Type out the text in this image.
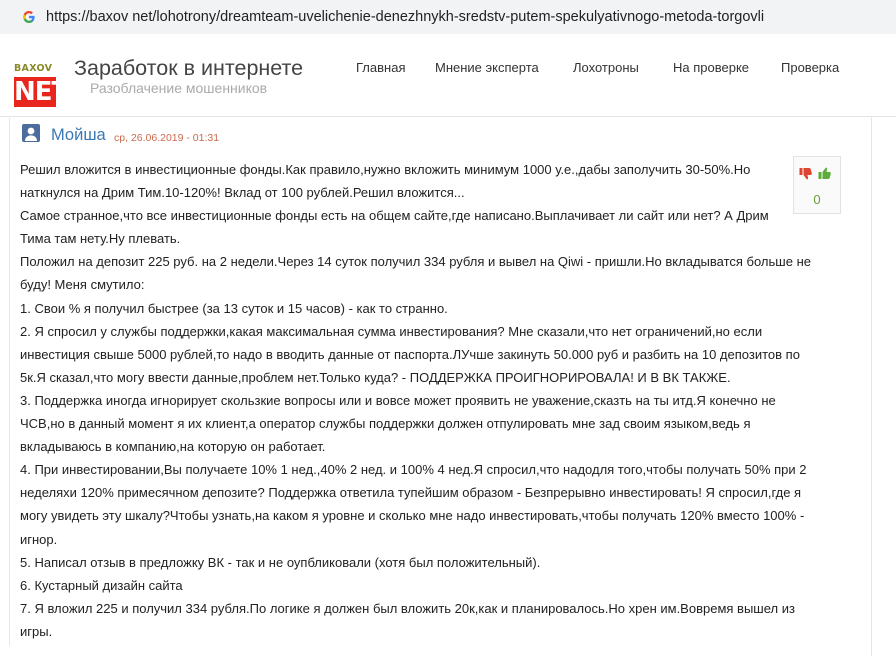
https://baxov net/lohotrony/dreamteam-uvelichenie-denezhnykh-sredstv-putem-spekulyativnogo-metoda-torgovli
BAXOV
NET
Заработок в интернете
Разоблачение мошенников
Главная Мнение эксперта	Лохотроны	На проверке Проверка
Мойша ср, 26.06.2019 - 01:31
0
Решил вложится в инвестиционные фонды.Как правило,нужно вкложить минимум 1000 у.е.,дабы заполучить 30-50%.Но
наткнулся на Дрим Тим.10-120%! Вклад от 100 рублей.Решил вложится...
Самое странное,что все инвестиционные фонды есть на общем сайте,где написано.Выплачивает ли сайт или нет? А Дрим
Тима там нету.Ну плевать.
Положил на депозит 225 руб. на 2 недели.Через 14 суток получил 334 рубля и вывел на Qiwi - пришли.Но вкладыватся больше не
буду! Меня смутило:
1. Свои % я получил быстрее (за 13 суток и 15 часов) - как то странно.
2. Я спросил у службы поддержки,какая максимальная сумма инвестирования? Мне сказали,что нет ограничений,но если
инвестиция свыше 5000 рублей,то надо в вводить данные от паспорта.ЛУчше закинуть 50.000 руб и разбить на 10 депозитов по
5к.Я сказал,что могу ввести данные,проблем нет.Только куда? - ПОДДЕРЖКА ПРОИГНОРИРОВАЛА! И В ВК ТАКЖЕ.
3. Поддержка иногда игнорирует скользкие вопросы или и вовсе может проявить не уважение,сказть на ты итд.Я конечно не
ЧСВ,но в данный момент я их клиент,а оператор службы поддержки должен отпулировать мне зад своим языком,ведь я
вкладываюсь в компанию,на которую он работает.
4. При инвестировании,Вы получаете 10% 1 нед.,40% 2 нед. и 100% 4 нед.Я спросил,что надодля того,чтобы получать 50% при 2
неделяхи 120% примесячном депозите? Поддержка ответила тупейшим образом - Безпрерывно инвестировать! Я спросил,где я
могу увидеть эту шкалу?Чтобы узнать,на каком я уровне и сколько мне надо инвестировать,чтобы получать 120% вместо 100% -
игнор.
5. Написал отзыв в предложку ВК - так и не оупбликовали (хотя был положительный).
6. Кустарный дизайн сайта
7. Я вложил 225 и получил 334 рубля.По логике я должен был вложить 20к,как и планировалось.Но хрен им.Вовремя вышел из
игры.
